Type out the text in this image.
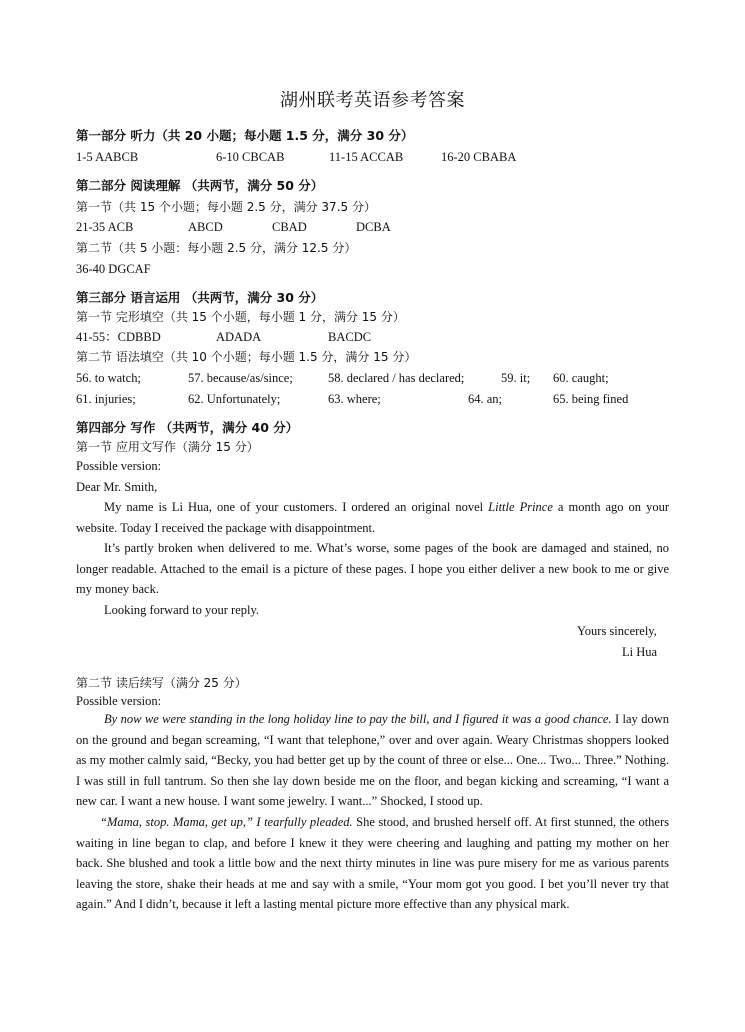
湖州联考英语参考答案
第一部分 听力（共 20 小题；每小题 1.5 分，满分 30 分）
1-5 AABCB	6-10 CBCAB	11-15 ACCAB	16-20 CBABA
第二部分 阅读理解 （共两节，满分 50 分）
第一节（共 15 个小题；每小题 2.5 分，满分 37.5 分）
21-35 ACB	ABCD	CBAD	DCBA
第二节（共 5 小题：每小题 2.5 分，满分 12.5 分）
36-40 DGCAF
第三部分 语言运用 （共两节，满分 30 分）
第一节 完形填空（共 15 个小题，每小题 1 分，满分 15 分）
41-55：CDBBD	ADADA	BACDC
第二节 语法填空（共 10 个小题；每小题 1.5 分，满分 15 分）
56. to watch;	57. because/as/since;	58. declared / has declared;	59. it; 60. caught;
61. injuries;	62. Unfortunately;	63. where;	64. an;	65. being fined
第四部分 写作 （共两节，满分 40 分）
第一节 应用文写作（满分 15 分）
Possible version:
Dear Mr. Smith,

My name is Li Hua, one of your customers. I ordered an original novel Little Prince a month ago on your website. Today I received the package with disappointment.

It’s partly broken when delivered to me. What’s worse, some pages of the book are damaged and stained, no longer readable. Attached to the email is a picture of these pages. I hope you either deliver a new book to me or give my money back.

Looking forward to your reply.

Yours sincerely,
Li Hua
第二节 读后续写（满分 25 分）
Possible version:

By now we were standing in the long holiday line to pay the bill, and I figured it was a good chance. I lay down on the ground and began screaming, “I want that telephone,” over and over again. Weary Christmas shoppers looked as my mother calmly said, “Becky, you had better get up by the count of three or else... One... Two... Three.” Nothing. I was still in full tantrum. So then she lay down beside me on the floor, and began kicking and screaming, “I want a new car. I want a new house. I want some jewelry. I want...” Shocked, I stood up.

“Mama, stop. Mama, get up,” I tearfully pleaded. She stood, and brushed herself off. At first stunned, the others waiting in line began to clap, and before I knew it they were cheering and laughing and patting my mother on her back. She blushed and took a little bow and the next thirty minutes in line was pure misery for me as various parents leaving the store, shake their heads at me and say with a smile, “Your mom got you good. I bet you’ll never try that again.” And I didn’t, because it left a lasting mental picture more effective than any physical mark.
